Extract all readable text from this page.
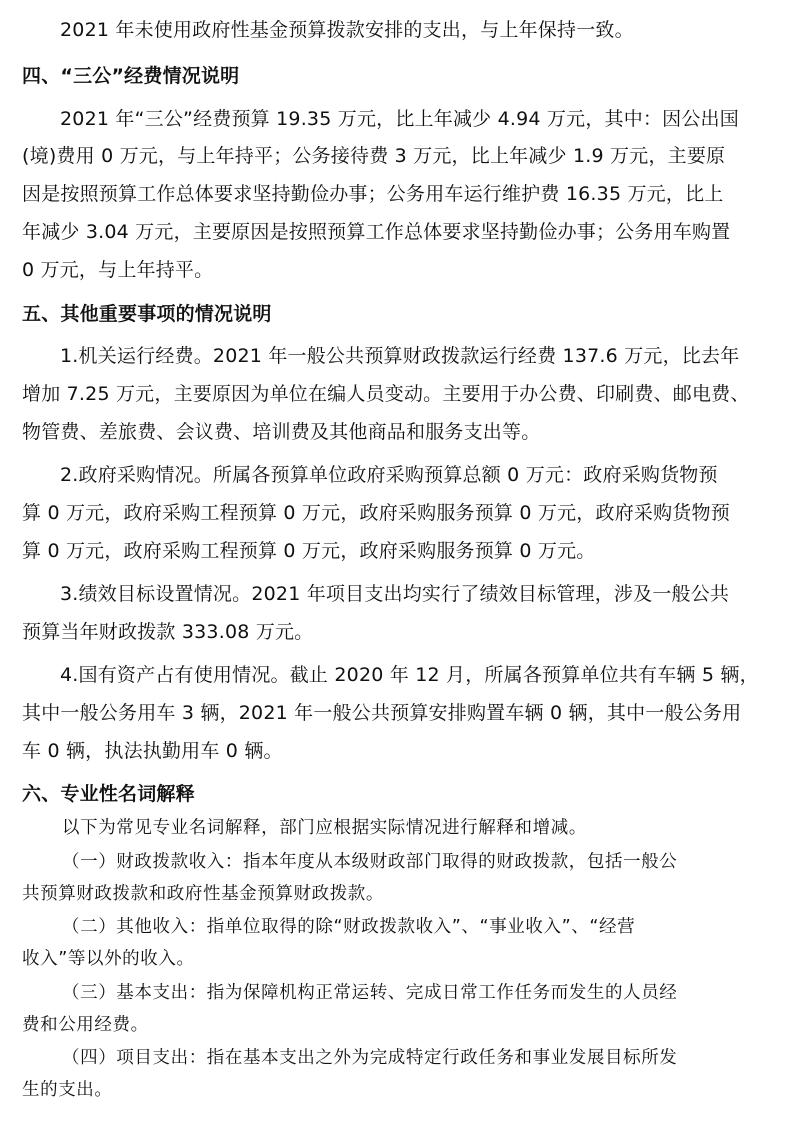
2021 年未使用政府性基金预算拨款安排的支出，与上年保持一致。
四、“三公”经费情况说明
2021 年“三公”经费预算 19.35 万元，比上年减少 4.94 万元，其中：因公出国
(境)费用 0 万元，与上年持平；公务接待费 3 万元，比上年减少 1.9 万元，主要原
因是按照预算工作总体要求坚持勤俭办事；公务用车运行维护费 16.35 万元，比上
年减少 3.04 万元，主要原因是按照预算工作总体要求坚持勤俭办事；公务用车购置
0 万元，与上年持平。
五、其他重要事项的情况说明
1.机关运行经费。2021 年一般公共预算财政拨款运行经费 137.6 万元，比去年
增加 7.25 万元，主要原因为单位在编人员变动。主要用于办公费、印刷费、邮电费、
物管费、差旅费、会议费、培训费及其他商品和服务支出等。
2.政府采购情况。所属各预算单位政府采购预算总额 0 万元：政府采购货物预
算 0 万元，政府采购工程预算 0 万元，政府采购服务预算 0 万元，政府采购货物预
算 0 万元，政府采购工程预算 0 万元，政府采购服务预算 0 万元。
3.绩效目标设置情况。2021 年项目支出均实行了绩效目标管理，涉及一般公共
预算当年财政拨款 333.08 万元。
4.国有资产占有使用情况。截止 2020 年 12 月，所属各预算单位共有车辆 5 辆，
其中一般公务用车 3 辆，2021 年一般公共预算安排购置车辆 0 辆，其中一般公务用
车 0 辆，执法执勤用车 0 辆。
六、专业性名词解释
以下为常见专业名词解释，部门应根据实际情况进行解释和增减。
（一）财政拨款收入：指本年度从本级财政部门取得的财政拨款，包括一般公
共预算财政拨款和政府性基金预算财政拨款。
（二）其他收入：指单位取得的除“财政拨款收入”、“事业收入”、“经营
收入”等以外的收入。
（三）基本支出：指为保障机构正常运转、完成日常工作任务而发生的人员经
费和公用经费。
（四）项目支出：指在基本支出之外为完成特定行政任务和事业发展目标所发
生的支出。
